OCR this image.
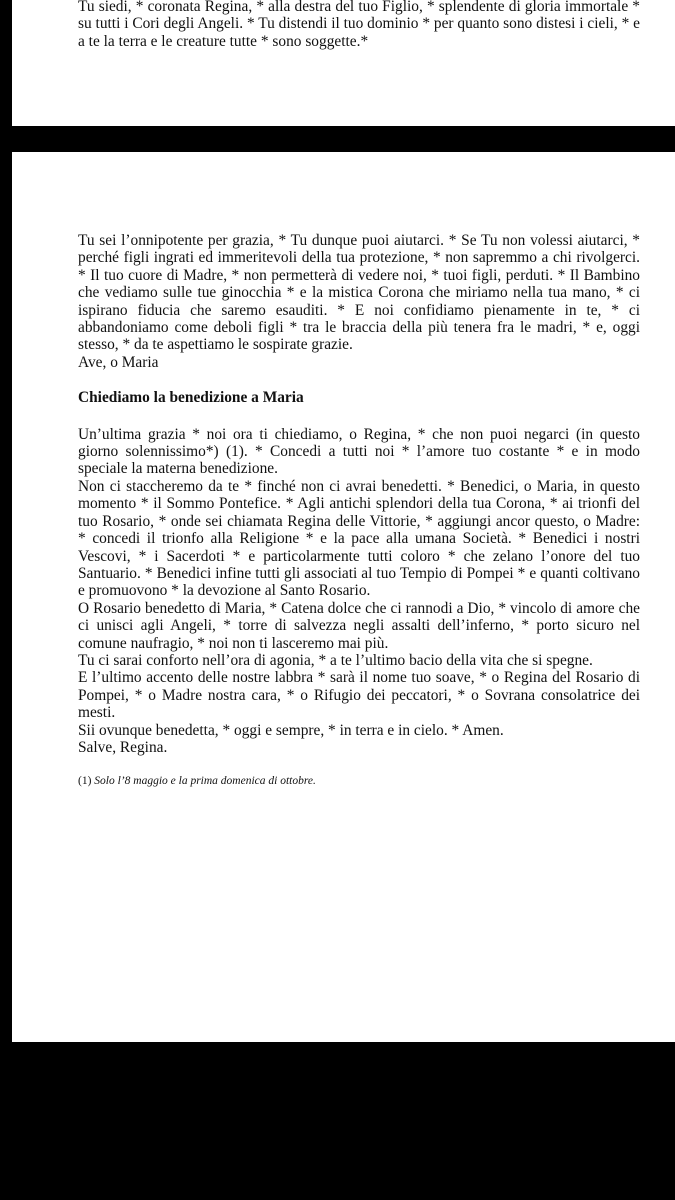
Tu siedi, * coronata Regina, * alla destra del tuo Figlio, * splendente di gloria immortale * su tutti i Cori degli Angeli. * Tu distendi il tuo dominio * per quanto sono distesi i cieli, * e a te la terra e le creature tutte * sono soggette.*

Tu sei l’onnipotente per grazia, * Tu dunque puoi aiutarci. * Se Tu non volessi aiutarci, * perché figli ingrati ed immeritevoli della tua protezione, * non sapremmo a chi rivolgerci. * Il tuo cuore di Madre, * non permetterà di vedere noi, * tuoi figli, perduti. * Il Bambino che vediamo sulle tue ginocchia * e la mistica Corona che miriamo nella tua mano, * ci ispirano fiducia che saremo esauditi. * E noi confidiamo pienamente in te, * ci abbandoniamo come deboli figli * tra le braccia della più tenera fra le madri, * e, oggi stesso, * da te aspettiamo le sospirate grazie.

Ave, o Maria

Chiediamo la benedizione a Maria

Un’ultima grazia * noi ora ti chiediamo, o Regina, * che non puoi negarci (in questo giorno solennissimo*) (1). * Concedi a tutti noi * l’amore tuo costante * e in modo speciale la materna benedizione.

Non ci staccheremo da te * finché non ci avrai benedetti. * Benedici, o Maria, in questo momento * il Sommo Pontefice. * Agli antichi splendori della tua Corona, * ai trionfi del tuo Rosario, * onde sei chiamata Regina delle Vittorie, * aggiungi ancor questo, o Madre: * concedi il trionfo alla Religione * e la pace alla umana Società. * Benedici i nostri Vescovi, * i Sacerdoti * e particolarmente tutti coloro * che zelano l’onore del tuo Santuario. * Benedici infine tutti gli associati al tuo Tempio di Pompei * e quanti coltivano e promuovono * la devozione al Santo Rosario.

O Rosario benedetto di Maria, * Catena dolce che ci rannodi a Dio, * vincolo di amore che ci unisci agli Angeli, * torre di salvezza negli assalti dell’inferno, * porto sicuro nel comune naufragio, * noi non ti lasceremo mai più.

Tu ci sarai conforto nell’ora di agonia, * a te l’ultimo bacio della vita che si spegne.

E l’ultimo accento delle nostre labbra * sarà il nome tuo soave, * o Regina del Rosario di Pompei, * o Madre nostra cara, * o Rifugio dei peccatori, * o Sovrana consolatrice dei mesti.

Sii ovunque benedetta, * oggi e sempre, * in terra e in cielo. * Amen.

Salve, Regina.

(1) Solo l’8 maggio e la prima domenica di ottobre.
